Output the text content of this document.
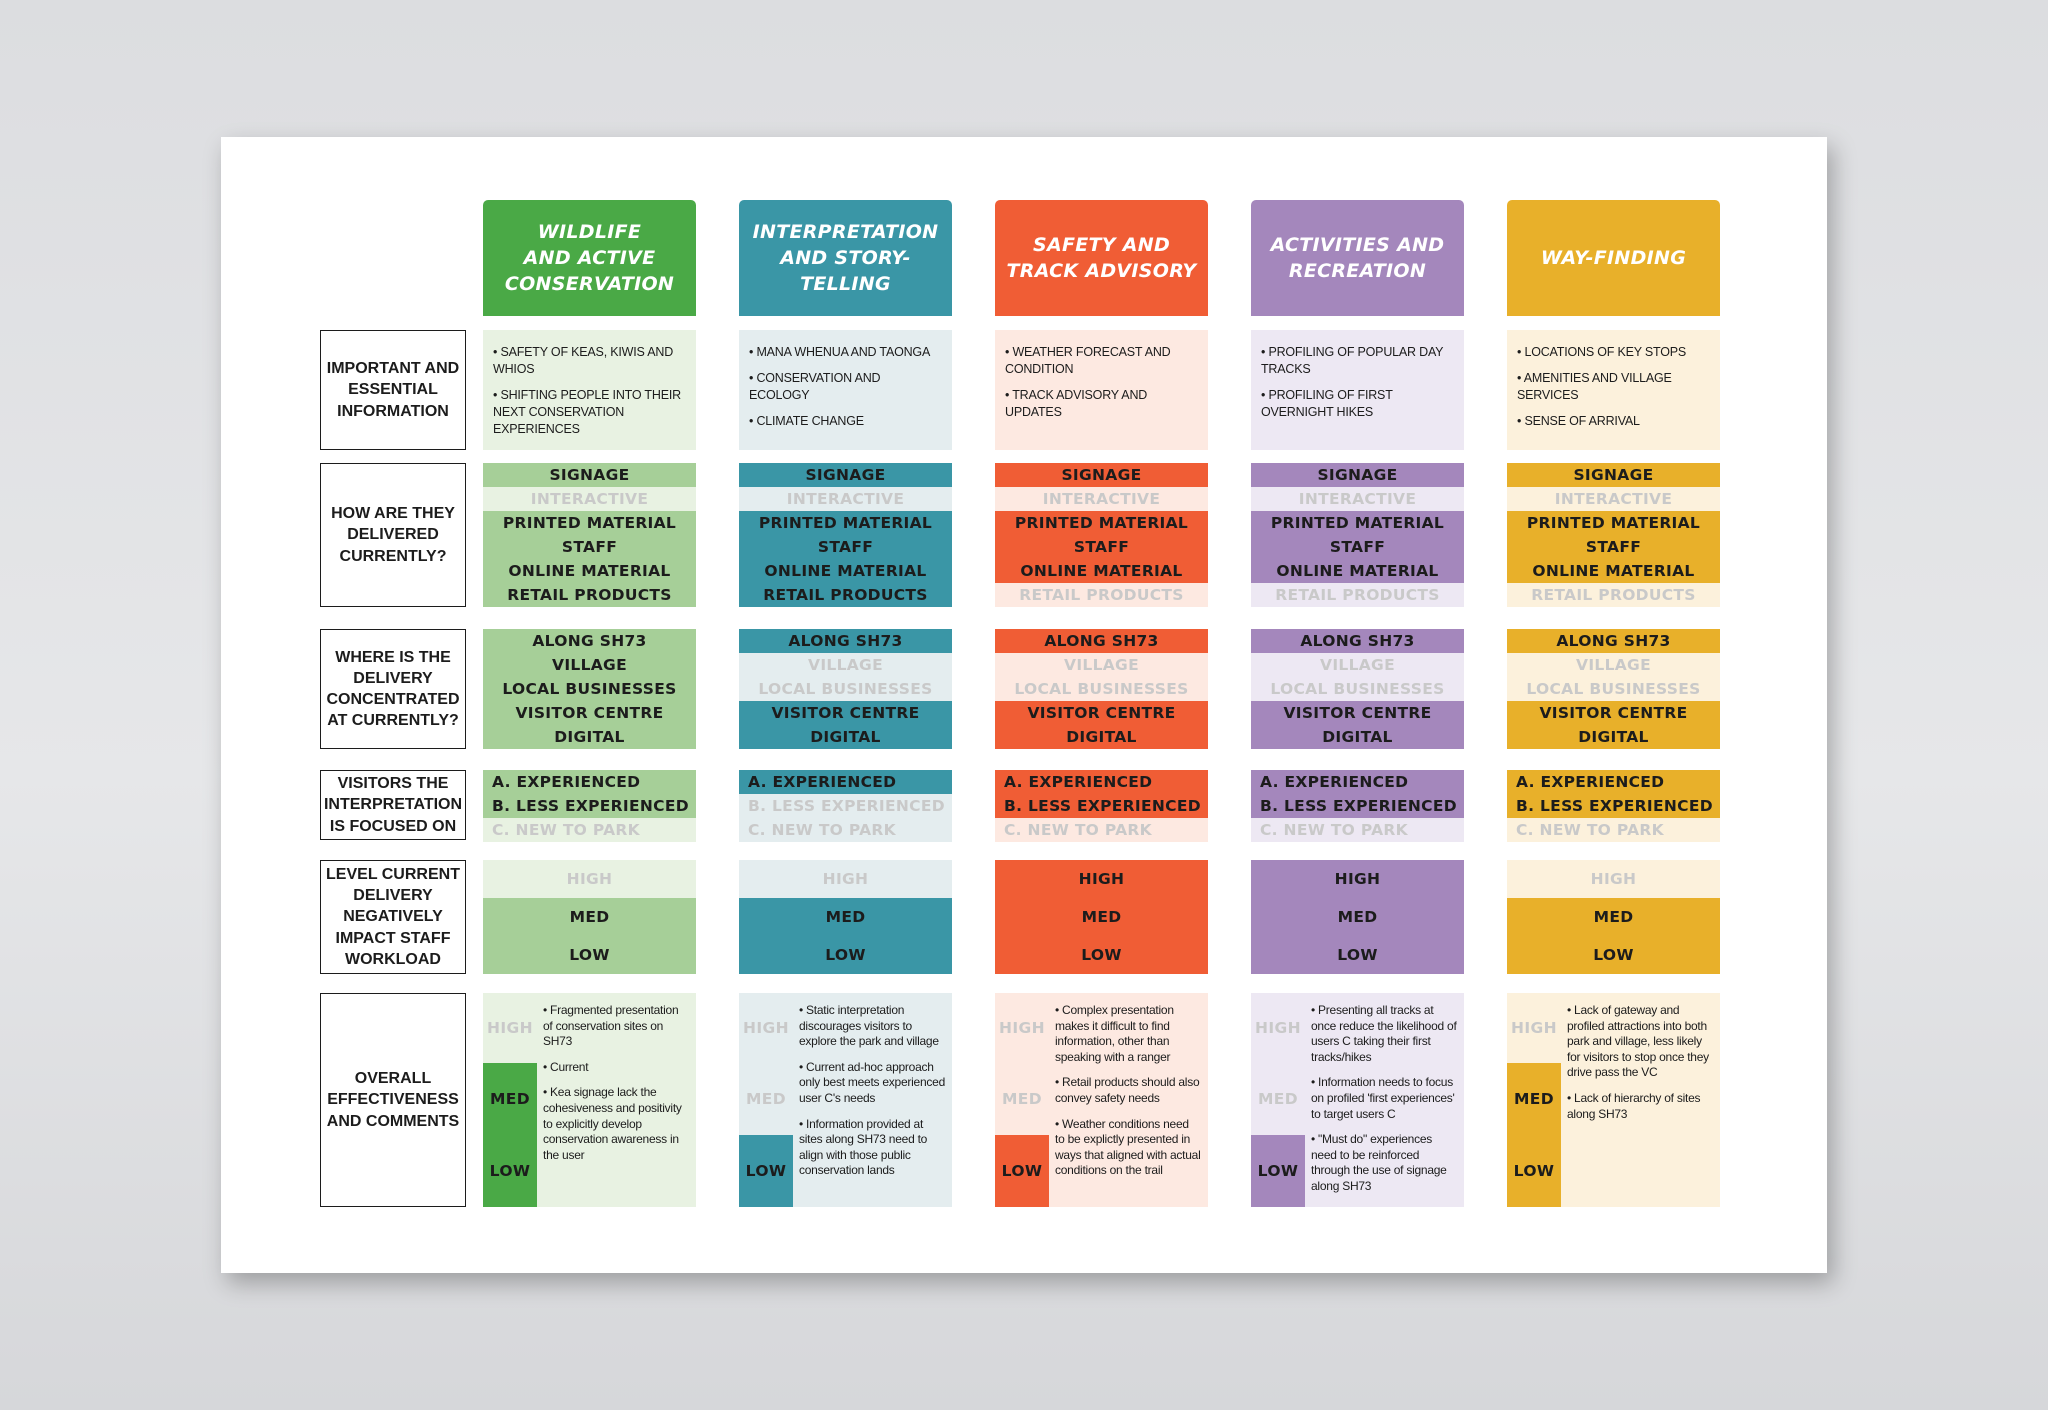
IMPORTANT AND ESSENTIAL INFORMATION
HOW ARE THEY DELIVERED CURRENTLY?
WHERE IS THE DELIVERY CONCENTRATED AT CURRENTLY?
VISITORS THE INTERPRETATION IS FOCUSED ON
LEVEL CURRENT DELIVERY NEGATIVELY IMPACT STAFF WORKLOAD
OVERALL EFFECTIVENESS AND COMMENTS
WILDLIFE
AND ACTIVE
CONSERVATION
• SAFETY OF KEAS, KIWIS AND WHIOS
• SHIFTING PEOPLE INTO THEIR NEXT CONSERVATION EXPERIENCES
SIGNAGE
INTERACTIVE
PRINTED MATERIAL
STAFF
ONLINE MATERIAL
RETAIL PRODUCTS
ALONG SH73
VILLAGE
LOCAL BUSINESSES
VISITOR CENTRE
DIGITAL
A. EXPERIENCED
B. LESS EXPERIENCED
C. NEW TO PARK
HIGH
MED
LOW
HIGH
MED
LOW
• Fragmented presentation of conservation sites on SH73
• Current
• Kea signage lack the cohesiveness and positivity to explicitly develop conservation awareness in the user
INTERPRETATION
AND STORY-
TELLING
• MANA WHENUA AND TAONGA
• CONSERVATION AND ECOLOGY
• CLIMATE CHANGE
SIGNAGE
INTERACTIVE
PRINTED MATERIAL
STAFF
ONLINE MATERIAL
RETAIL PRODUCTS
ALONG SH73
VILLAGE
LOCAL BUSINESSES
VISITOR CENTRE
DIGITAL
A. EXPERIENCED
B. LESS EXPERIENCED
C. NEW TO PARK
HIGH
MED
LOW
HIGH
MED
LOW
• Static interpretation discourages visitors to explore the park and village
• Current ad-hoc approach only best meets experienced user C's needs
• Information provided at sites along SH73 need to align with those public conservation lands
SAFETY AND
TRACK ADVISORY
• WEATHER FORECAST AND CONDITION
• TRACK ADVISORY AND UPDATES
SIGNAGE
INTERACTIVE
PRINTED MATERIAL
STAFF
ONLINE MATERIAL
RETAIL PRODUCTS
ALONG SH73
VILLAGE
LOCAL BUSINESSES
VISITOR CENTRE
DIGITAL
A. EXPERIENCED
B. LESS EXPERIENCED
C. NEW TO PARK
HIGH
MED
LOW
HIGH
MED
LOW
• Complex presentation makes it difficult to find information, other than speaking with a ranger
• Retail products should also convey safety needs
• Weather conditions need to be explictly presented in ways that aligned with actual conditions on the trail
ACTIVITIES AND
RECREATION
• PROFILING OF POPULAR DAY TRACKS
• PROFILING OF FIRST OVERNIGHT HIKES
SIGNAGE
INTERACTIVE
PRINTED MATERIAL
STAFF
ONLINE MATERIAL
RETAIL PRODUCTS
ALONG SH73
VILLAGE
LOCAL BUSINESSES
VISITOR CENTRE
DIGITAL
A. EXPERIENCED
B. LESS EXPERIENCED
C. NEW TO PARK
HIGH
MED
LOW
HIGH
MED
LOW
• Presenting all tracks at once reduce the likelihood of users C taking their first tracks/hikes
• Information needs to focus on profiled 'first experiences' to target users C
• "Must do" experiences need to be reinforced through the use of signage along SH73
WAY-FINDING
• LOCATIONS OF KEY STOPS
• AMENITIES AND VILLAGE SERVICES
• SENSE OF ARRIVAL
SIGNAGE
INTERACTIVE
PRINTED MATERIAL
STAFF
ONLINE MATERIAL
RETAIL PRODUCTS
ALONG SH73
VILLAGE
LOCAL BUSINESSES
VISITOR CENTRE
DIGITAL
A. EXPERIENCED
B. LESS EXPERIENCED
C. NEW TO PARK
HIGH
MED
LOW
HIGH
MED
LOW
• Lack of gateway and profiled attractions into both park and village, less likely for visitors to stop once they drive pass the VC
• Lack of hierarchy of sites along SH73
